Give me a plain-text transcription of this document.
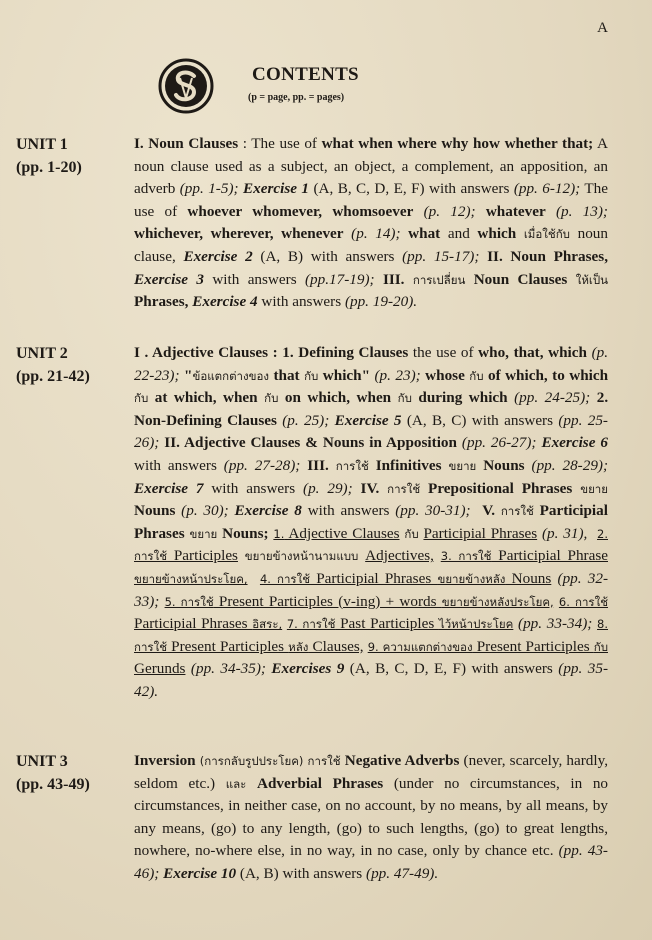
A
CONTENTS
(p = page, pp. = pages)
UNIT 1
(pp. 1-20)
I. Noun Clauses : The use of what when where why how whether that; A noun clause used as a subject, an object, a complement, an apposition, an adverb (pp. 1-5); Exercise 1 (A, B, C, D, E, F) with answers (pp. 6-12); The use of whoever whomever, whomsoever (p. 12); whatever (p. 13); whichever, wherever, whenever (p. 14); what and which เมื่อใช้กับ noun clause, Exercise 2 (A, B) with answers (pp. 15-17); II. Noun Phrases, Exercise 3 with answers (pp.17-19); III. การเปลี่ยน Noun Clauses ให้เป็น Phrases, Exercise 4 with answers (pp. 19-20).
UNIT 2
(pp. 21-42)
I . Adjective Clauses : 1. Defining Clauses the use of who, that, which (p. 22-23); "ข้อแตกต่างของ that กับ which" (p. 23); whose กับ of which, to which กับ at which, when กับ on which, when กับ during which (pp. 24-25); 2. Non-Defining Clauses (p. 25); Exercise 5 (A, B, C) with answers (pp. 25-26); II. Adjective Clauses & Nouns in Apposition (pp. 26-27); Exercise 6 with answers (pp. 27-28); III. การใช้ Infinitives ขยาย Nouns (pp. 28-29); Exercise 7 with answers (p. 29); IV. การใช้ Prepositional Phrases ขยาย Nouns (p. 30); Exercise 8 with answers (pp. 30-31); V. การใช้ Participial Phrases ขยาย Nouns; 1. Adjective Clauses กับ Participial Phrases (p. 31), 2. การใช้ Participles ขยายข้างหน้านามแบบ Adjectives, 3. การใช้ Participial Phrase ขยายข้างหน้าประโยค, 4. การใช้ Participial Phrases ขยายข้างหลัง Nouns (pp. 32-33); 5. การใช้ Present Participles (v-ing) + words ขยายข้างหลังประโยค, 6. การใช้ Participial Phrases อิสระ, 7. การใช้ Past Participles ไว้หน้าประโยค (pp. 33-34); 8. การใช้ Present Participles หลัง Clauses, 9. ความแตกต่างของ Present Participles กับ Gerunds (pp. 34-35); Exercises 9 (A, B, C, D, E, F) with answers (pp. 35-42).
UNIT 3
(pp. 43-49)
Inversion (การกลับรูปประโยค) การใช้ Negative Adverbs (never, scarcely, hardly, seldom etc.) และ Adverbial Phrases (under no circumstances, in no circumstances, in neither case, on no account, by no means, by all means, by any means, (go) to any length, (go) to such lengths, (go) to great lengths, nowhere, no-where else, in no way, in no case, only by chance etc. (pp. 43-46); Exercise 10 (A, B) with answers (pp. 47-49).
